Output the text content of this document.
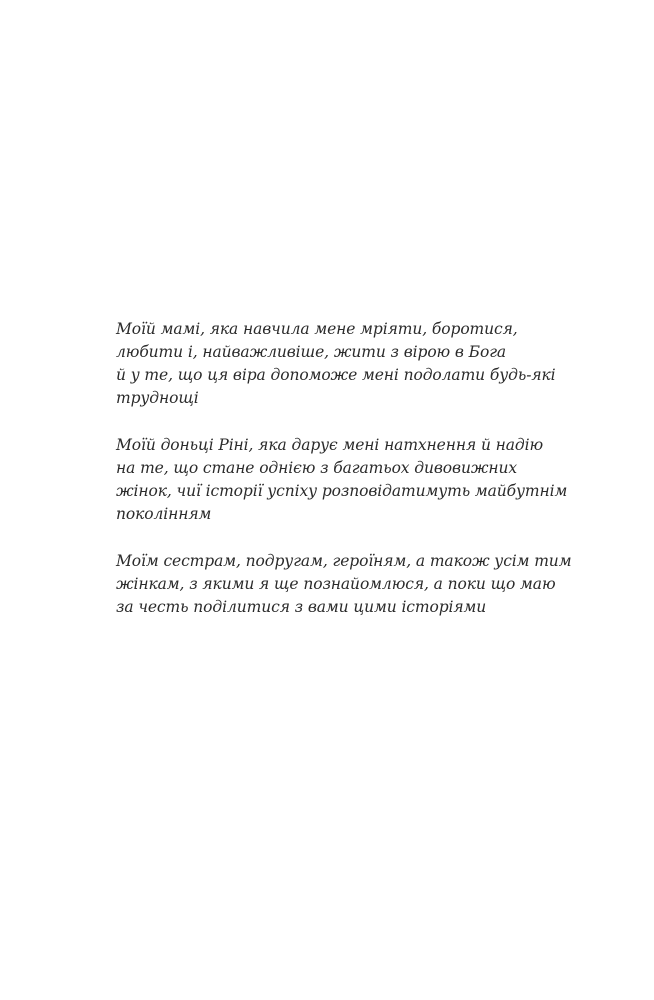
Моїй мамі, яка навчила мене мріяти, боротися,
любити і, найважливіше, жити з вірою в Бога
й у те, що ця віра допоможе мені подолати будь-які
труднощі
Моїй доньці Ріні, яка дарує мені натхнення й надію
на те, що стане однією з багатьох дивовижних
жінок, чиї історії успіху розповідатимуть майбутнім
поколінням
Моїм сестрам, подругам, героїням, а також усім тим
жінкам, з якими я ще познайомлюся, а поки що маю
за честь поділитися з вами цими історіями
